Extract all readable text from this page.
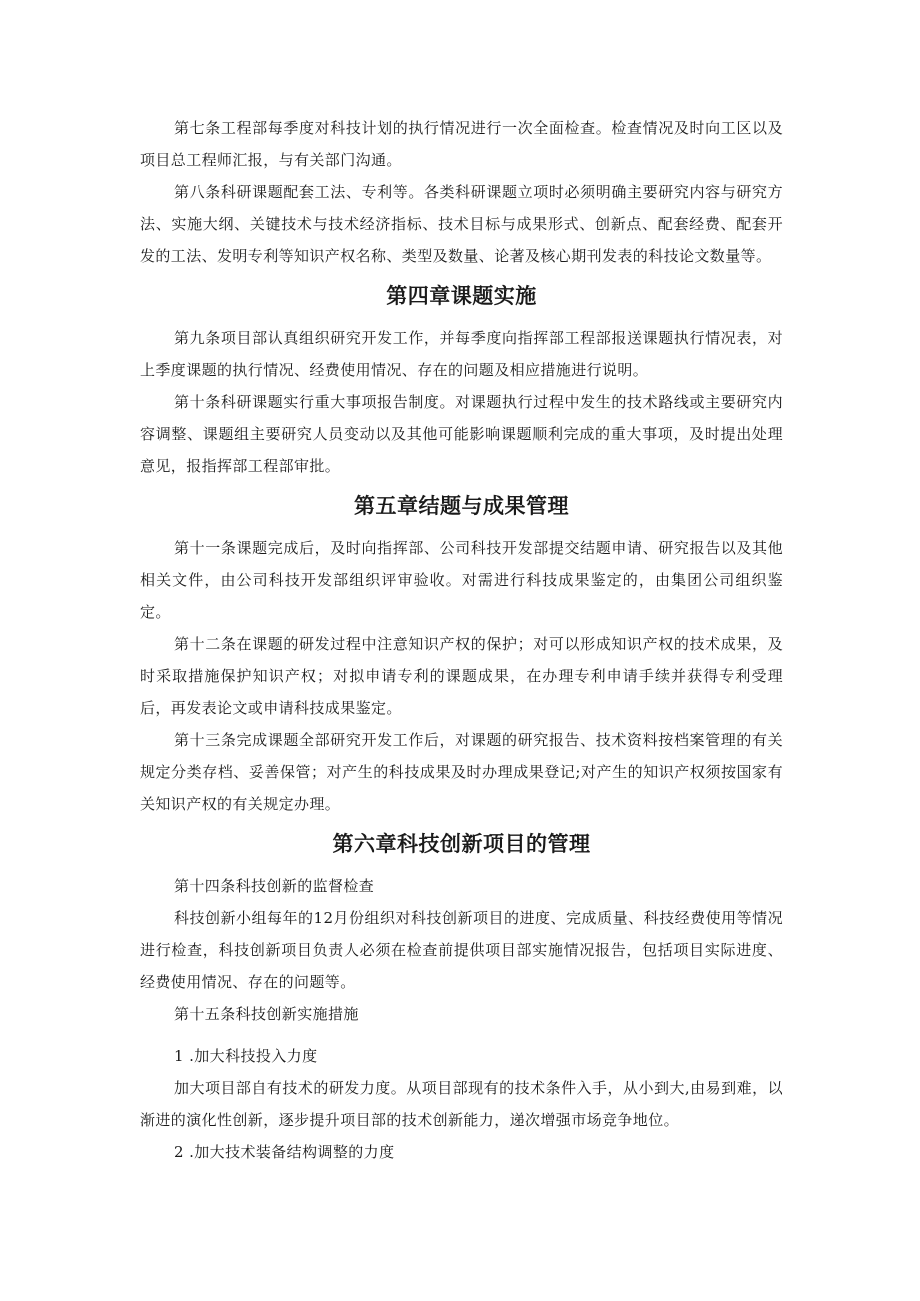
第七条工程部每季度对科技计划的执行情况进行一次全面检查。检查情况及时向工区以及项目总工程师汇报，与有关部门沟通。

第八条科研课题配套工法、专利等。各类科研课题立项时必须明确主要研究内容与研究方法、实施大纲、关键技术与技术经济指标、技术目标与成果形式、创新点、配套经费、配套开发的工法、发明专利等知识产权名称、类型及数量、论著及核心期刊发表的科技论文数量等。

第四章课题实施

第九条项目部认真组织研究开发工作，并每季度向指挥部工程部报送课题执行情况表，对上季度课题的执行情况、经费使用情况、存在的问题及相应措施进行说明。

第十条科研课题实行重大事项报告制度。对课题执行过程中发生的技术路线或主要研究内容调整、课题组主要研究人员变动以及其他可能影响课题顺利完成的重大事项，及时提出处理意见，报指挥部工程部审批。

第五章结题与成果管理

第十一条课题完成后，及时向指挥部、公司科技开发部提交结题申请、研究报告以及其他相关文件，由公司科技开发部组织评审验收。对需进行科技成果鉴定的，由集团公司组织鉴定。

第十二条在课题的研发过程中注意知识产权的保护；对可以形成知识产权的技术成果，及时采取措施保护知识产权；对拟申请专利的课题成果，在办理专利申请手续并获得专利受理后，再发表论文或申请科技成果鉴定。

第十三条完成课题全部研究开发工作后，对课题的研究报告、技术资料按档案管理的有关规定分类存档、妥善保管；对产生的科技成果及时办理成果登记;对产生的知识产权须按国家有关知识产权的有关规定办理。

第六章科技创新项目的管理

第十四条科技创新的监督检查

科技创新小组每年的12月份组织对科技创新项目的进度、完成质量、科技经费使用等情况进行检查，科技创新项目负责人必须在检查前提供项目部实施情况报告，包括项目实际进度、经费使用情况、存在的问题等。

第十五条科技创新实施措施

1 .加大科技投入力度

加大项目部自有技术的研发力度。从项目部现有的技术条件入手，从小到大,由易到难，以渐进的演化性创新，逐步提升项目部的技术创新能力，递次增强市场竞争地位。

2 .加大技术装备结构调整的力度
